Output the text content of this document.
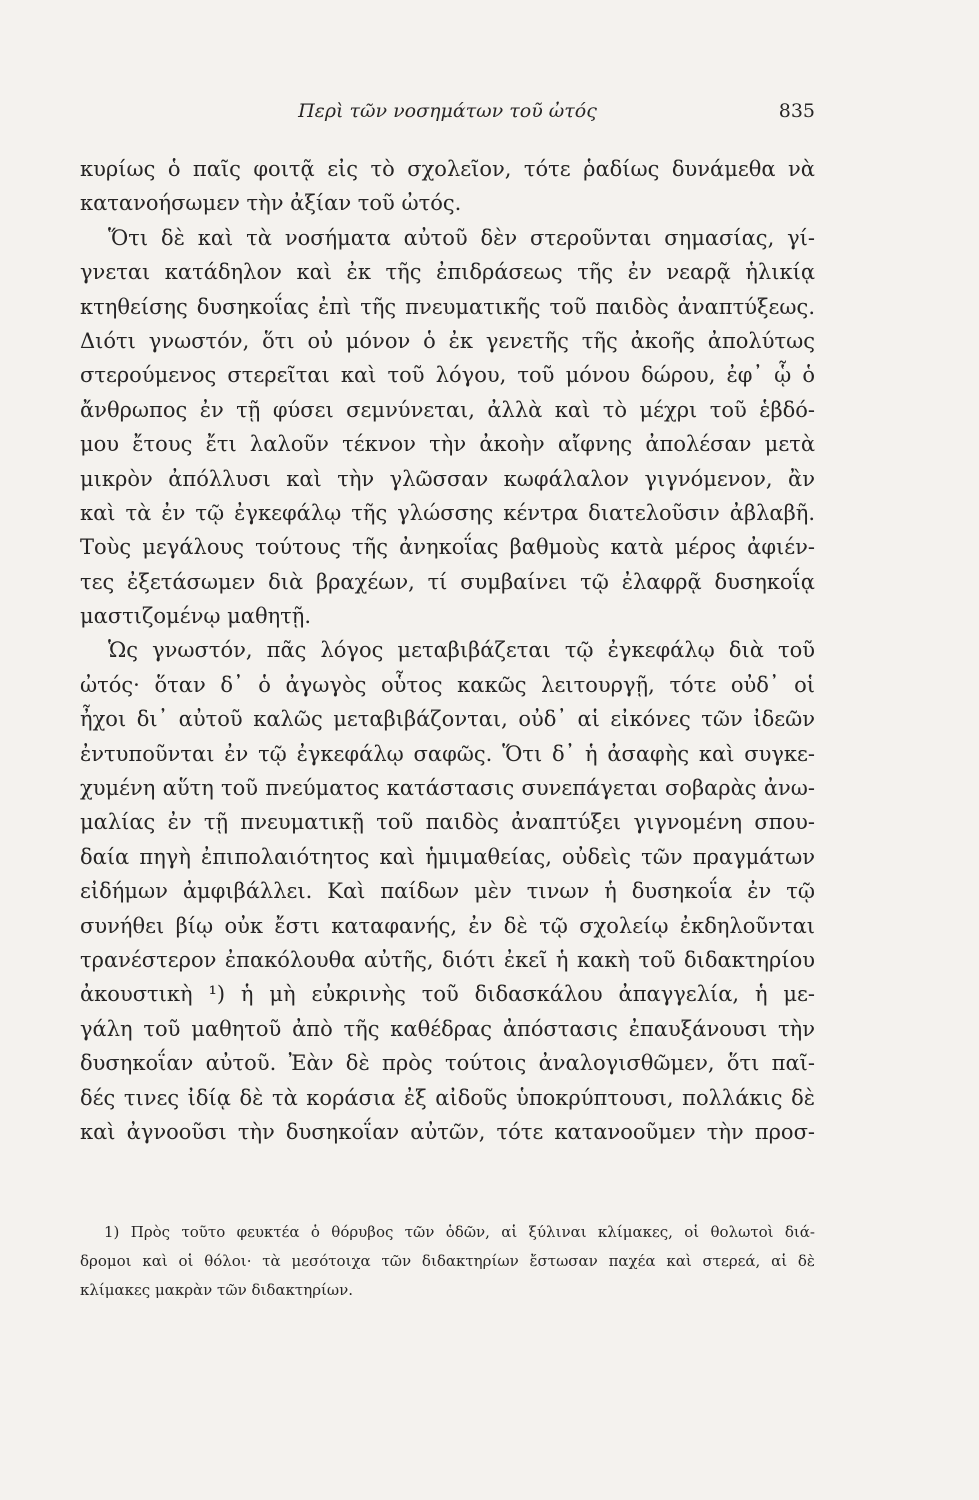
Περὶ τῶν νοσημάτων τοῦ ὠτός	835
κυρίως ὁ παῖς φοιτᾷ εἰς τὸ σχολεῖον, τότε ῥαδίως δυνάμεθα νὰ
κατανοήσωμεν τὴν ἀξίαν τοῦ ὠτός.
Ὅτι δὲ καὶ τὰ νοσήματα αὐτοῦ δὲν στεροῦνται σημασίας, γί-
γνεται κατάδηλον καὶ ἐκ τῆς ἐπιδράσεως τῆς ἐν νεαρᾷ ἡλικίᾳ
κτηθείσης δυσηκοΐας ἐπὶ τῆς πνευματικῆς τοῦ παιδὸς ἀναπτύξεως.
Διότι γνωστόν, ὅτι οὐ μόνον ὁ ἐκ γενετῆς τῆς ἀκοῆς ἀπολύτως
στερούμενος στερεῖται καὶ τοῦ λόγου, τοῦ μόνου δώρου, ἐφ᾽ ᾧ ὁ
ἄνθρωπος ἐν τῇ φύσει σεμνύνεται, ἀλλὰ καὶ τὸ μέχρι τοῦ ἑβδό-
μου ἔτους ἔτι λαλοῦν τέκνον τὴν ἀκοὴν αἴφνης ἀπολέσαν μετὰ
μικρὸν ἀπόλλυσι καὶ τὴν γλῶσσαν κωφάλαλον γιγνόμενον, ἂν
καὶ τὰ ἐν τῷ ἐγκεφάλῳ τῆς γλώσσης κέντρα διατελοῦσιν ἀβλαβῆ.
Τοὺς μεγάλους τούτους τῆς ἀνηκοΐας βαθμοὺς κατὰ μέρος ἀφιέν-
τες ἐξετάσωμεν διὰ βραχέων, τί συμβαίνει τῷ ἐλαφρᾷ δυσηκοΐᾳ
μαστιζομένῳ μαθητῇ.
Ὡς γνωστόν, πᾶς λόγος μεταβιβάζεται τῷ ἐγκεφάλῳ διὰ τοῦ
ὠτός· ὅταν δ᾽ ὁ ἀγωγὸς οὗτος κακῶς λειτουργῇ, τότε οὐδ᾽ οἱ
ἦχοι δι᾽ αὐτοῦ καλῶς μεταβιβάζονται, οὐδ᾽ αἱ εἰκόνες τῶν ἰδεῶν
ἐντυποῦνται ἐν τῷ ἐγκεφάλῳ σαφῶς. Ὅτι δ᾽ ἡ ἀσαφὴς καὶ συγκε-
χυμένη αὕτη τοῦ πνεύματος κατάστασις συνεπάγεται σοβαρὰς ἀνω-
μαλίας ἐν τῇ πνευματικῇ τοῦ παιδὸς ἀναπτύξει γιγνομένη σπου-
δαία πηγὴ ἐπιπολαιότητος καὶ ἡμιμαθείας, οὐδεὶς τῶν πραγμάτων
εἰδήμων ἀμφιβάλλει. Καὶ παίδων μὲν τινων ἡ δυσηκοΐα ἐν τῷ
συνήθει βίῳ οὐκ ἔστι καταφανής, ἐν δὲ τῷ σχολείῳ ἐκδηλοῦνται
τρανέστερον ἐπακόλουθα αὐτῆς, διότι ἐκεῖ ἡ κακὴ τοῦ διδακτηρίου
ἀκουστικὴ ¹) ἡ μὴ εὐκρινὴς τοῦ διδασκάλου ἀπαγγελία, ἡ με-
γάλη τοῦ μαθητοῦ ἀπὸ τῆς καθέδρας ἀπόστασις ἐπαυξάνουσι τὴν
δυσηκοΐαν αὐτοῦ. Ἐὰν δὲ πρὸς τούτοις ἀναλογισθῶμεν, ὅτι παῖ-
δές τινες ἰδίᾳ δὲ τὰ κοράσια ἐξ αἰδοῦς ὑποκρύπτουσι, πολλάκις δὲ
καὶ ἀγνοοῦσι τὴν δυσηκοΐαν αὐτῶν, τότε κατανοοῦμεν τὴν προσ-
1) Πρὸς τοῦτο φευκτέα ὁ θόρυβος τῶν ὁδῶν, αἱ ξύλιναι κλίμακες, οἱ θολωτοὶ διά-
δρομοι καὶ οἱ θόλοι· τὰ μεσότοιχα τῶν διδακτηρίων ἔστωσαν παχέα καὶ στερεά, αἱ δὲ
κλίμακες μακρὰν τῶν διδακτηρίων.
